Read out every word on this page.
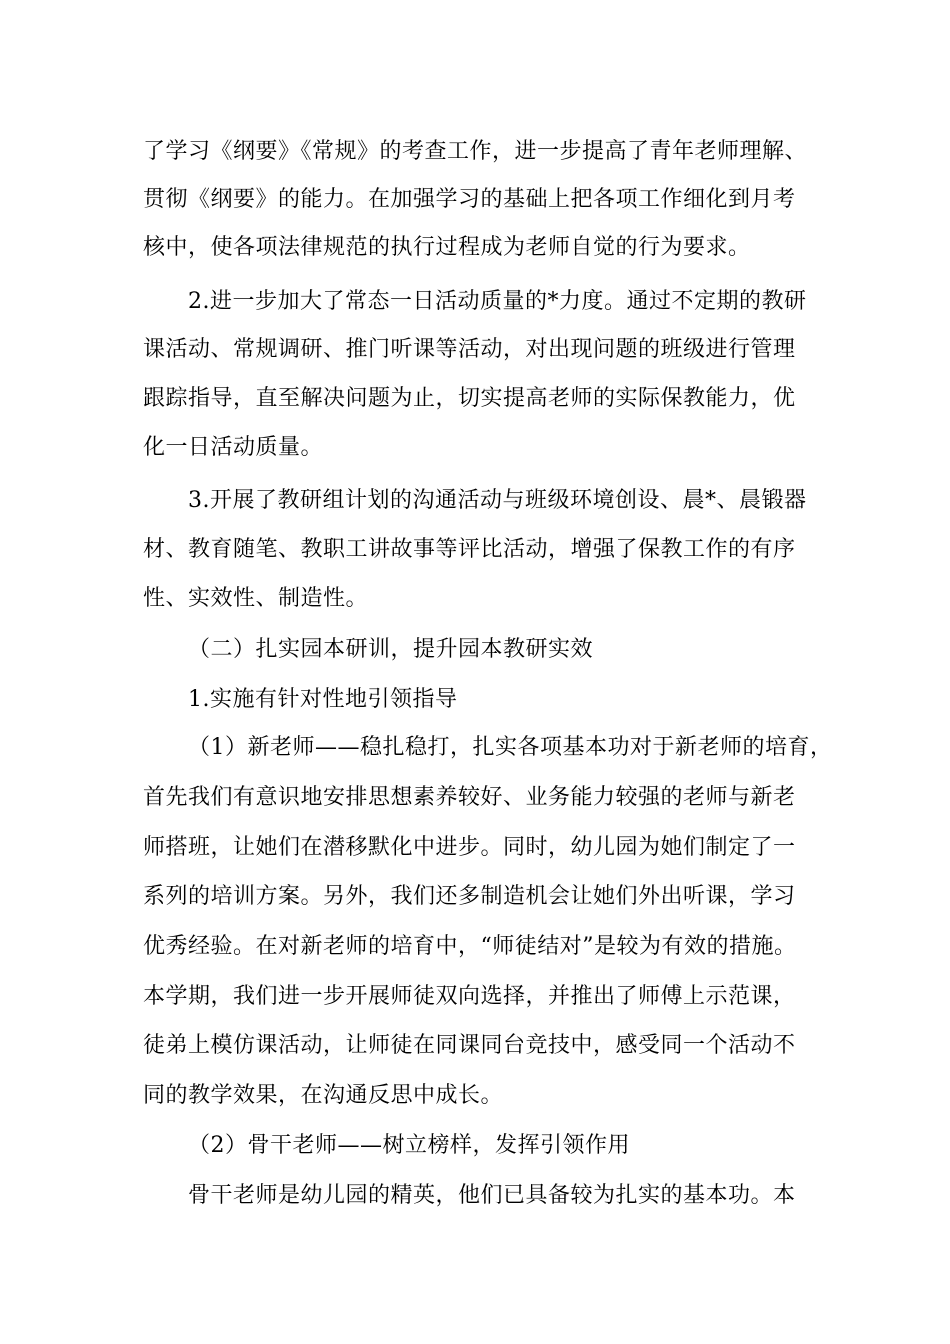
了学习《纲要》《常规》的考查工作，进一步提高了青年老师理解、
贯彻《纲要》的能力。在加强学习的基础上把各项工作细化到月考
核中，使各项法律规范的执行过程成为老师自觉的行为要求。
2.进一步加大了常态一日活动质量的*力度。通过不定期的教研
课活动、常规调研、推门听课等活动，对出现问题的班级进行管理
跟踪指导，直至解决问题为止，切实提高老师的实际保教能力，优
化一日活动质量。
3.开展了教研组计划的沟通活动与班级环境创设、晨*、晨锻器
材、教育随笔、教职工讲故事等评比活动，增强了保教工作的有序
性、实效性、制造性。
（二）扎实园本研训，提升园本教研实效
1.实施有针对性地引领指导
（1）新老师——稳扎稳打，扎实各项基本功对于新老师的培育，
首先我们有意识地安排思想素养较好、业务能力较强的老师与新老
师搭班，让她们在潜移默化中进步。同时，幼儿园为她们制定了一
系列的培训方案。另外，我们还多制造机会让她们外出听课，学习
优秀经验。在对新老师的培育中，“师徒结对”是较为有效的措施。
本学期，我们进一步开展师徒双向选择，并推出了师傅上示范课，
徒弟上模仿课活动，让师徒在同课同台竞技中，感受同一个活动不
同的教学效果，在沟通反思中成长。
（2）骨干老师——树立榜样，发挥引领作用
骨干老师是幼儿园的精英，他们已具备较为扎实的基本功。本
